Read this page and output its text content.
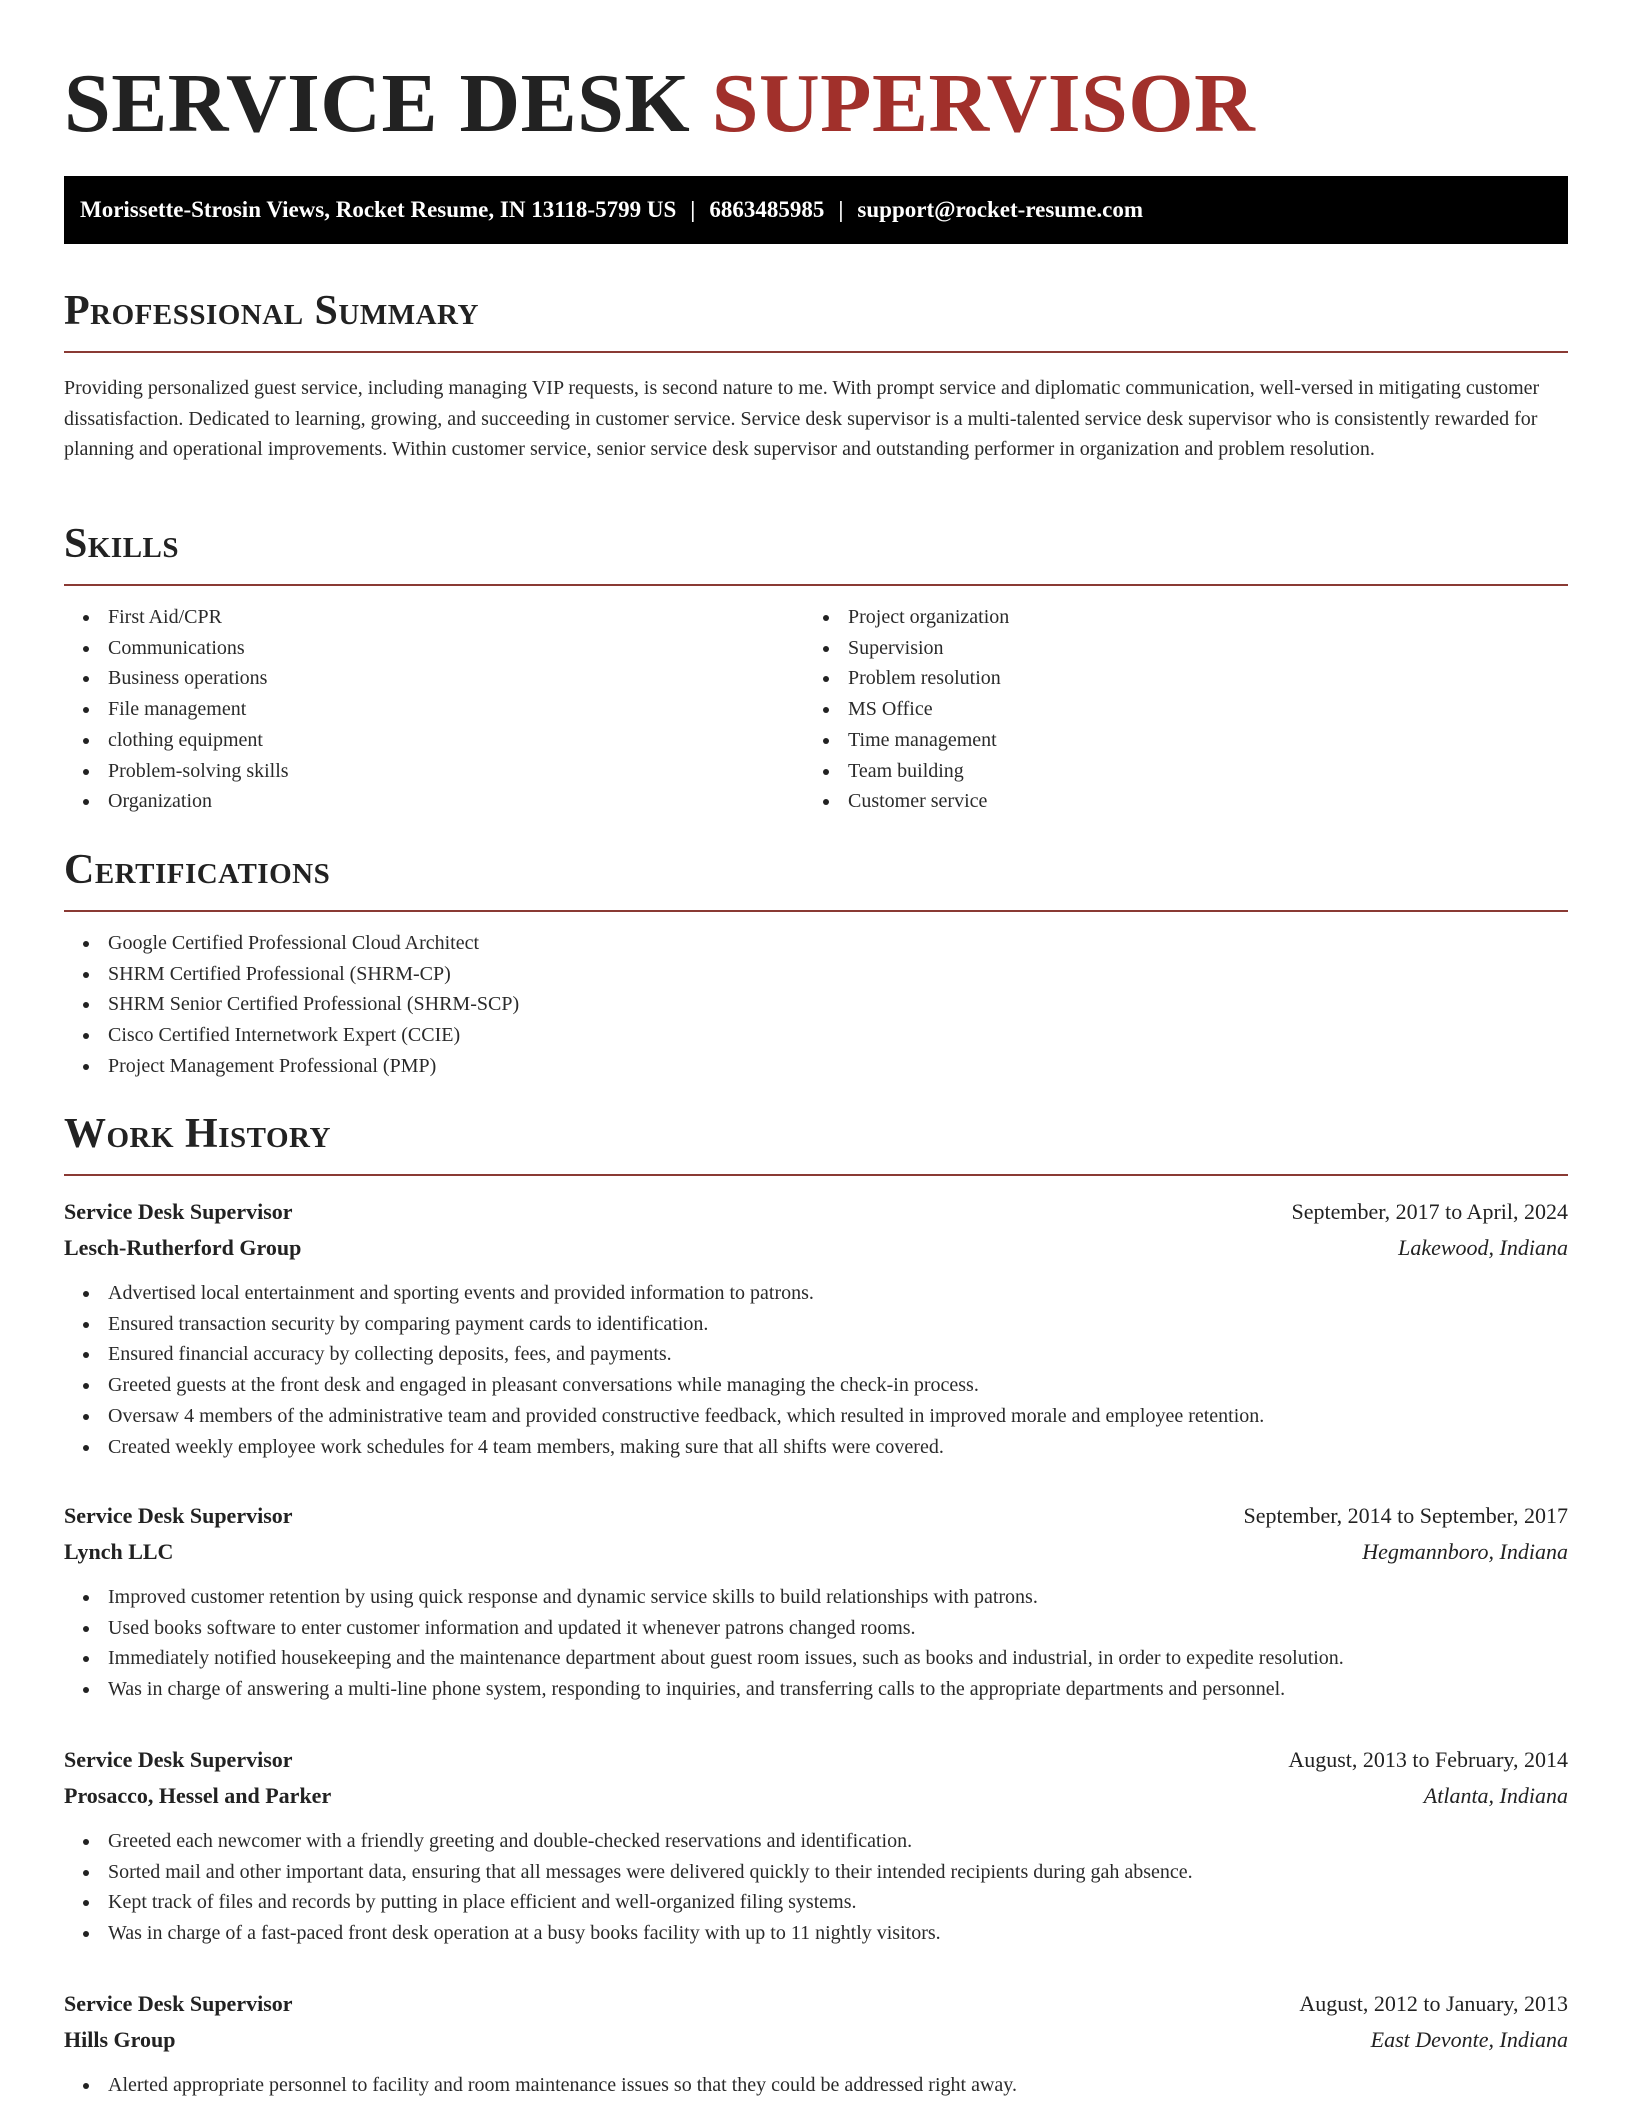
SERVICE DESK SUPERVISOR
Morissette-Strosin Views, Rocket Resume, IN 13118-5799 US | 6863485985 | support@rocket-resume.com
Professional Summary

Providing personalized guest service, including managing VIP requests, is second nature to me. With prompt service and diplomatic communication, well-versed in mitigating customer dissatisfaction. Dedicated to learning, growing, and succeeding in customer service. Service desk supervisor is a multi-talented service desk supervisor who is consistently rewarded for planning and operational improvements. Within customer service, senior service desk supervisor and outstanding performer in organization and problem resolution.

Skills
First Aid/CPR
Communications
Business operations
File management
clothing equipment
Problem-solving skills
Organization
Project organization
Supervision
Problem resolution
MS Office
Time management
Team building
Customer service
Certifications
Google Certified Professional Cloud Architect
SHRM Certified Professional (SHRM-CP)
SHRM Senior Certified Professional (SHRM-SCP)
Cisco Certified Internetwork Expert (CCIE)
Project Management Professional (PMP)
Work History
Service Desk Supervisor	September, 2017 to April, 2024
Lesch-Rutherford Group	Lakewood, Indiana
Advertised local entertainment and sporting events and provided information to patrons.
Ensured transaction security by comparing payment cards to identification.
Ensured financial accuracy by collecting deposits, fees, and payments.
Greeted guests at the front desk and engaged in pleasant conversations while managing the check-in process.
Oversaw 4 members of the administrative team and provided constructive feedback, which resulted in improved morale and employee retention.
Created weekly employee work schedules for 4 team members, making sure that all shifts were covered.
Service Desk Supervisor	September, 2014 to September, 2017
Lynch LLC	Hegmannboro, Indiana
Improved customer retention by using quick response and dynamic service skills to build relationships with patrons.
Used books software to enter customer information and updated it whenever patrons changed rooms.
Immediately notified housekeeping and the maintenance department about guest room issues, such as books and industrial, in order to expedite resolution.
Was in charge of answering a multi-line phone system, responding to inquiries, and transferring calls to the appropriate departments and personnel.
Service Desk Supervisor	August, 2013 to February, 2014
Prosacco, Hessel and Parker	Atlanta, Indiana
Greeted each newcomer with a friendly greeting and double-checked reservations and identification.
Sorted mail and other important data, ensuring that all messages were delivered quickly to their intended recipients during gah absence.
Kept track of files and records by putting in place efficient and well-organized filing systems.
Was in charge of a fast-paced front desk operation at a busy books facility with up to 11 nightly visitors.
Service Desk Supervisor	August, 2012 to January, 2013
Hills Group	East Devonte, Indiana
Alerted appropriate personnel to facility and room maintenance issues so that they could be addressed right away.
